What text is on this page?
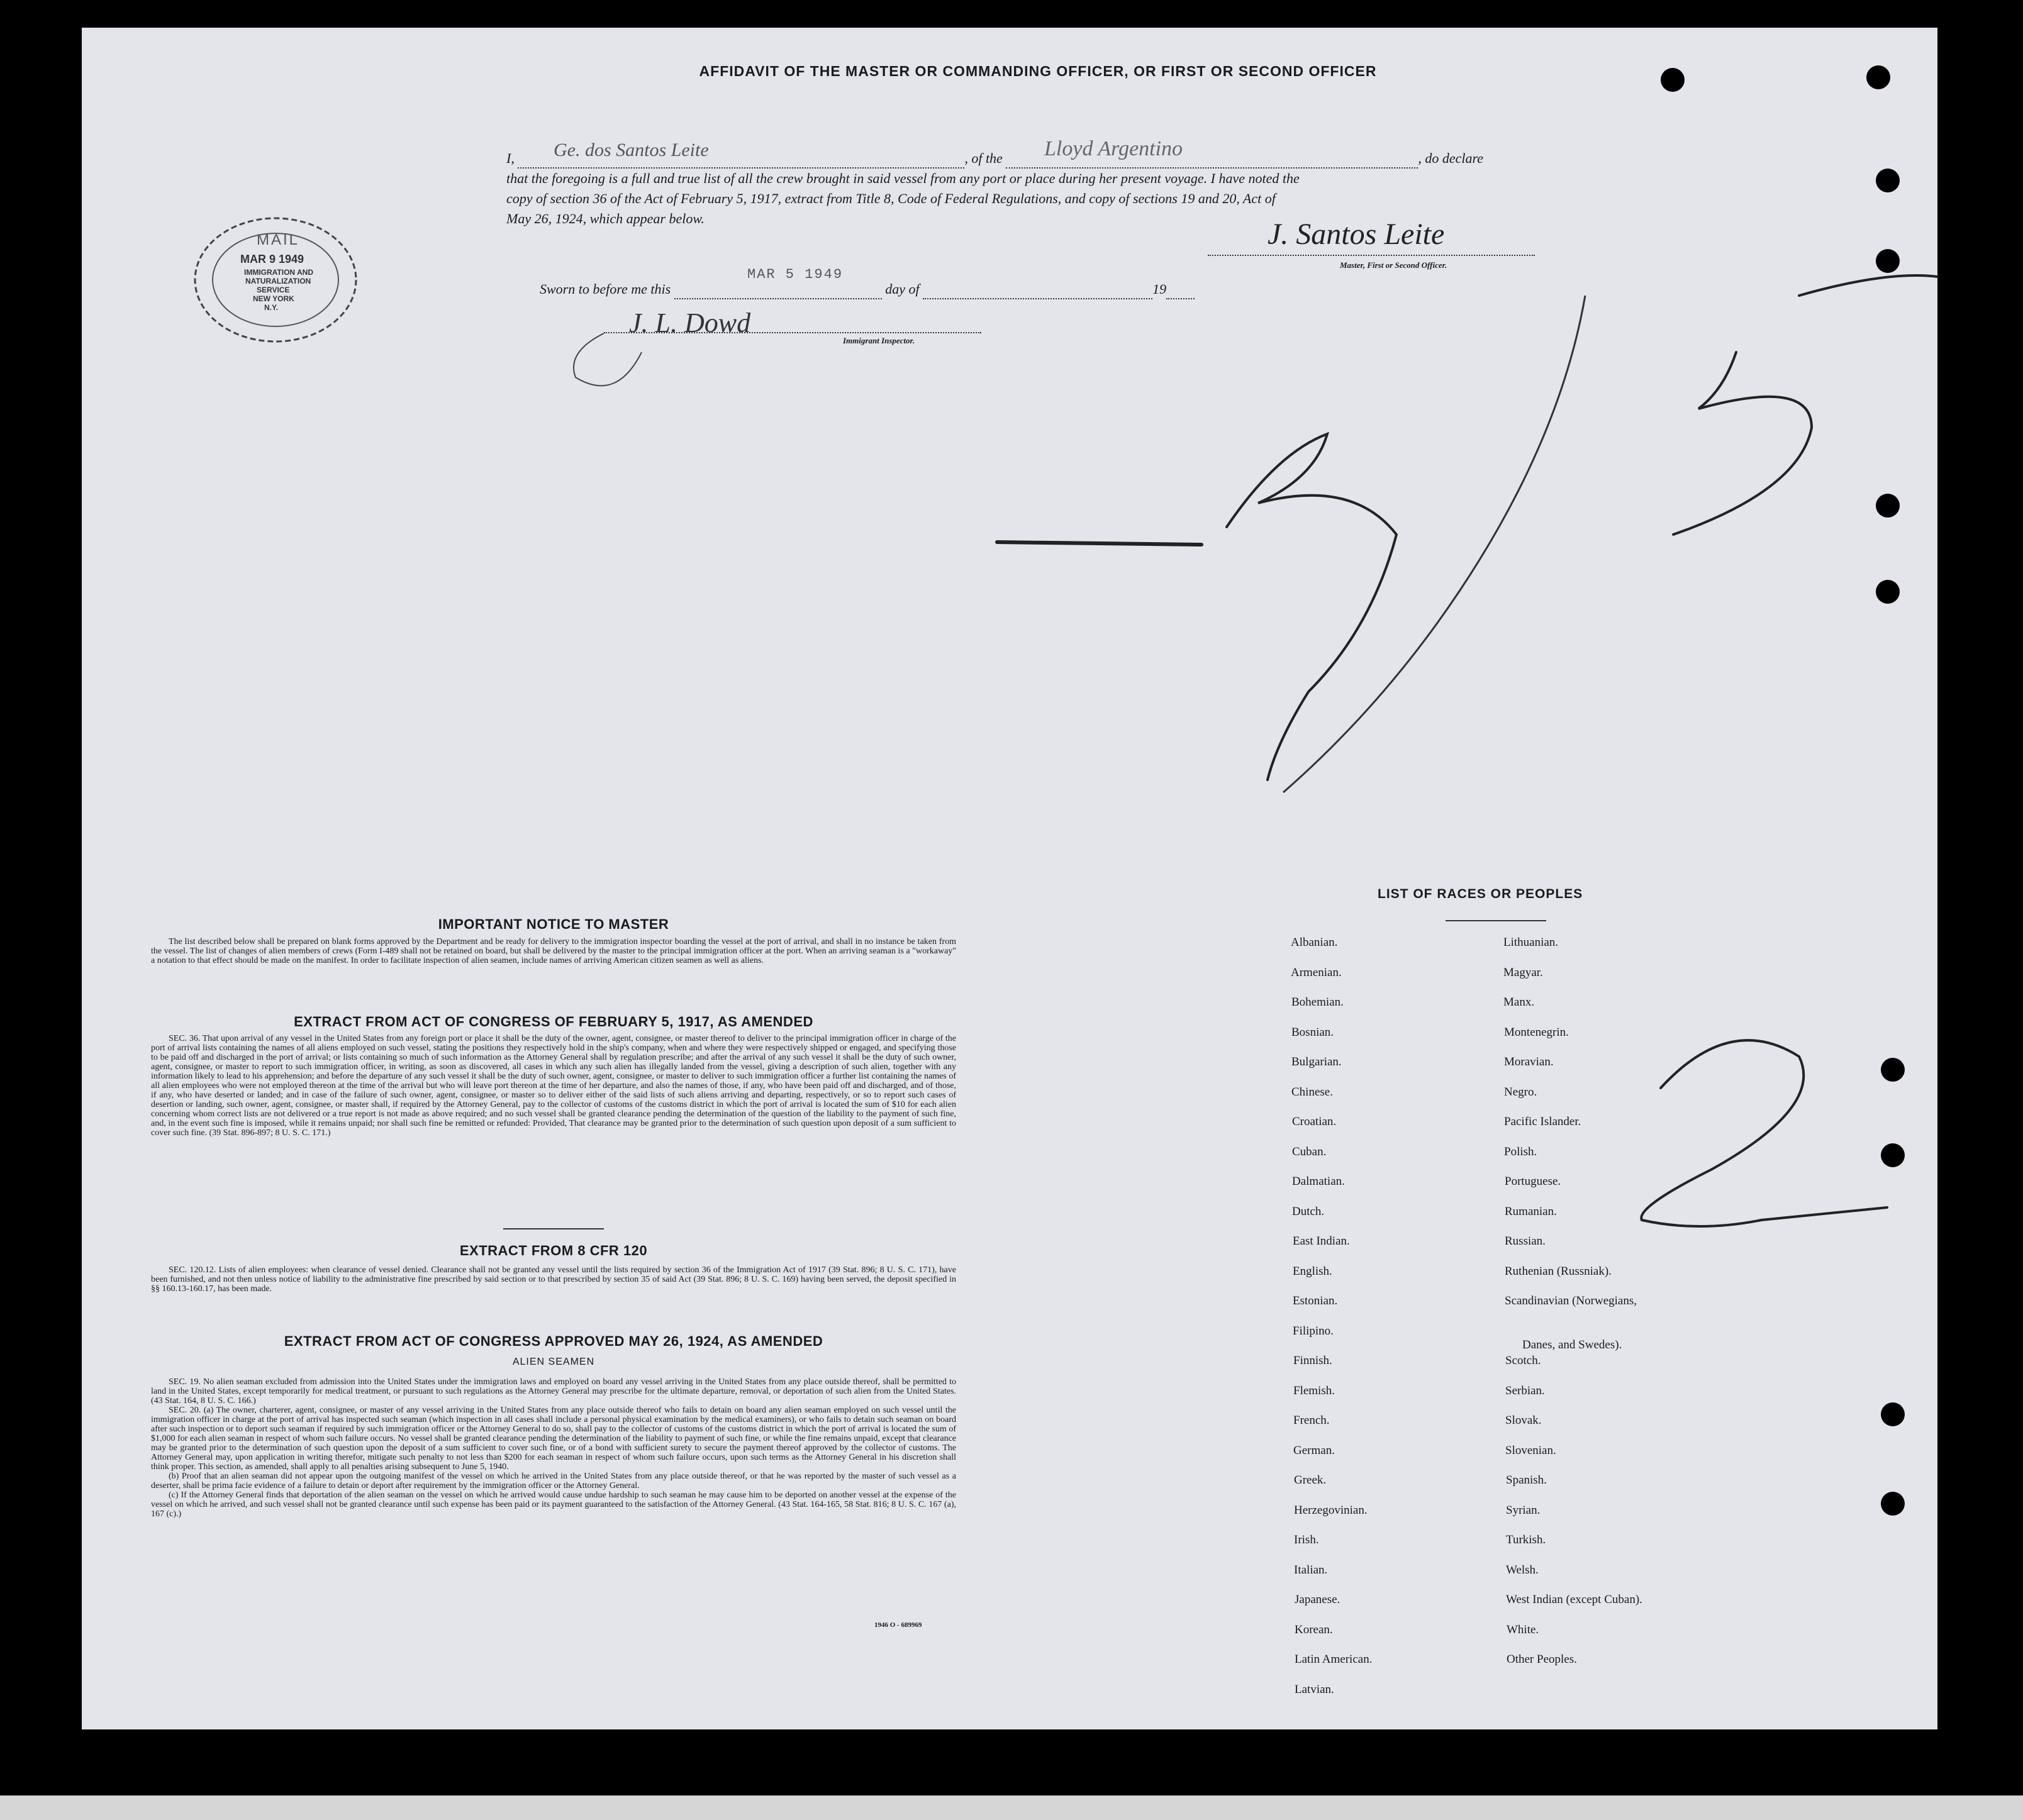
AFFIDAVIT OF THE MASTER OR COMMANDING OFFICER, OR FIRST OR SECOND OFFICER
I,	, of the	, do declare
Ge. dos Santos Leite	Lloyd Argentino
that the foregoing is a full and true list of all the crew brought in said vessel from any port or place during her present voyage. I have noted the
copy of section 36 of the Act of February 5, 1917, extract from Title 8, Code of Federal Regulations, and copy of sections 19 and 20, Act of
May 26, 1924, which appear below.	J. Santos Leite
Master, First or Second Officer.
Sworn to before me this	day of	19
MAR 5 1949
J. L. Dowd
Immigrant Inspector.
MAIL
MAR 9 1949
IMMIGRATION AND
NATURALIZATION
SERVICE
NEW YORK
N.Y.
IMPORTANT NOTICE TO MASTER

The list described below shall be prepared on blank forms approved by the Department and be ready for delivery to the immigration inspector boarding the vessel at the port of arrival, and shall in no instance be taken from the vessel. The list of changes of alien members of crews (Form I-489 shall not be retained on board, but shall be delivered by the master to the principal immigration officer at the port. When an arriving seaman is a "workaway" a notation to that effect should be made on the manifest. In order to facilitate inspection of alien seamen, include names of arriving American citizen seamen as well as aliens.

EXTRACT FROM ACT OF CONGRESS OF FEBRUARY 5, 1917, AS AMENDED

SEC. 36. That upon arrival of any vessel in the United States from any foreign port or place it shall be the duty of the owner, agent, consignee, or master thereof to deliver to the principal immigration officer in charge of the port of arrival lists containing the names of all aliens employed on such vessel, stating the positions they respectively hold in the ship's company, when and where they were respectively shipped or engaged, and specifying those to be paid off and discharged in the port of arrival; or lists containing so much of such information as the Attorney General shall by regulation prescribe; and after the arrival of any such vessel it shall be the duty of such owner, agent, consignee, or master to report to such immigration officer, in writing, as soon as discovered, all cases in which any such alien has illegally landed from the vessel, giving a description of such alien, together with any information likely to lead to his apprehension; and before the departure of any such vessel it shall be the duty of such owner, agent, consignee, or master to deliver to such immigration officer a further list containing the names of all alien employees who were not employed thereon at the time of the arrival but who will leave port thereon at the time of her departure, and also the names of those, if any, who have been paid off and discharged, and of those, if any, who have deserted or landed; and in case of the failure of such owner, agent, consignee, or master so to deliver either of the said lists of such aliens arriving and departing, respectively, or so to report such cases of desertion or landing, such owner, agent, consignee, or master shall, if required by the Attorney General, pay to the collector of customs of the customs district in which the port of arrival is located the sum of $10 for each alien concerning whom correct lists are not delivered or a true report is not made as above required; and no such vessel shall be granted clearance pending the determination of the question of the liability to the payment of such fine, and, in the event such fine is imposed, while it remains unpaid; nor shall such fine be remitted or refunded: Provided, That clearance may be granted prior to the determination of such question upon deposit of a sum sufficient to cover such fine. (39 Stat. 896-897; 8 U. S. C. 171.)

EXTRACT FROM 8 CFR 120

SEC. 120.12. Lists of alien employees: when clearance of vessel denied. Clearance shall not be granted any vessel until the lists required by section 36 of the Immigration Act of 1917 (39 Stat. 896; 8 U. S. C. 171), have been furnished, and not then unless notice of liability to the administrative fine prescribed by said section or to that prescribed by section 35 of said Act (39 Stat. 896; 8 U. S. C. 169) having been served, the deposit specified in §§ 160.13-160.17, has been made.

EXTRACT FROM ACT OF CONGRESS APPROVED MAY 26, 1924, AS AMENDED
ALIEN SEAMEN

SEC. 19. No alien seaman excluded from admission into the United States under the immigration laws and employed on board any vessel arriving in the United States from any place outside thereof, shall be permitted to land in the United States, except temporarily for medical treatment, or pursuant to such regulations as the Attorney General may prescribe for the ultimate departure, removal, or deportation of such alien from the United States. (43 Stat. 164, 8 U. S. C. 166.)

SEC. 20. (a) The owner, charterer, agent, consignee, or master of any vessel arriving in the United States from any place outside thereof who fails to detain on board any alien seaman employed on such vessel until the immigration officer in charge at the port of arrival has inspected such seaman (which inspection in all cases shall include a personal physical examination by the medical examiners), or who fails to detain such seaman on board after such inspection or to deport such seaman if required by such immigration officer or the Attorney General to do so, shall pay to the collector of customs of the customs district in which the port of arrival is located the sum of $1,000 for each alien seaman in respect of whom such failure occurs. No vessel shall be granted clearance pending the determination of the liability to payment of such fine, or while the fine remains unpaid, except that clearance may be granted prior to the determination of such question upon the deposit of a sum sufficient to cover such fine, or of a bond with sufficient surety to secure the payment thereof approved by the collector of customs. The Attorney General may, upon application in writing therefor, mitigate such penalty to not less than $200 for each seaman in respect of whom such failure occurs, upon such terms as the Attorney General in his discretion shall think proper. This section, as amended, shall apply to all penalties arising subsequent to June 5, 1940.

(b) Proof that an alien seaman did not appear upon the outgoing manifest of the vessel on which he arrived in the United States from any place outside thereof, or that he was reported by the master of such vessel as a deserter, shall be prima facie evidence of a failure to detain or deport after requirement by the immigration officer or the Attorney General.

(c) If the Attorney General finds that deportation of the alien seaman on the vessel on which he arrived would cause undue hardship to such seaman he may cause him to be deported on another vessel at the expense of the vessel on which he arrived, and such vessel shall not be granted clearance until such expense has been paid or its payment guaranteed to the satisfaction of the Attorney General. (43 Stat. 164-165, 58 Stat. 816; 8 U. S. C. 167 (a), 167 (c).)

1946 O - 689969
LIST OF RACES OR PEOPLES
Albanian.
Armenian.
Bohemian.
Bosnian.
Bulgarian.
Chinese.
Croatian.
Cuban.
Dalmatian.
Dutch.
East Indian.
English.
Estonian.
Filipino.
Finnish.
Flemish.
French.
German.
Greek.
Herzegovinian.
Irish.
Italian.
Japanese.
Korean.
Latin American.
Latvian.
Lithuanian.
Magyar.
Manx.
Montenegrin.
Moravian.
Negro.
Pacific Islander.
Polish.
Portuguese.
Rumanian.
Russian.
Ruthenian (Russniak).
Scandinavian (Norwegians,
Danes, and Swedes).
Scotch.
Serbian.
Slovak.
Slovenian.
Spanish.
Syrian.
Turkish.
Welsh.
West Indian (except Cuban).
White.
Other Peoples.
